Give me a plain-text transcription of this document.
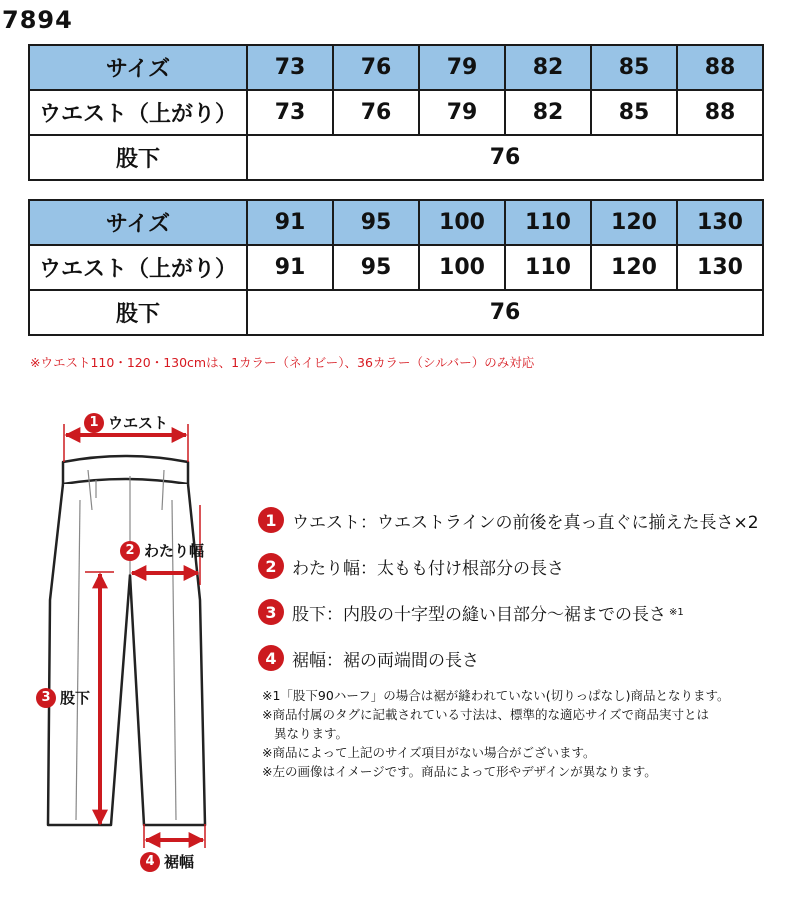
7894
サイズ	73	76	79	82	85	88
ウエスト（上がり）	73	76	79	82	85	88
股下	76					
サイズ	91	95	100	110	120	130
ウエスト（上がり）	91	95	100	110	120	130
股下	76					
※ウエスト110・120・130cmは、1カラー（ネイビー）、36カラー（シルバー）のみ対応
1 ウエスト
2 わたり幅
3 股下
4 裾幅
1 ウエスト ：ウエストラインの前後を真っ直ぐに揃えた長さ×2
2 わたり幅 ：太もも付け根部分の長さ
3 股下 ：内股の十字型の縫い目部分～裾までの長さ ※1
4 裾幅 ：裾の両端間の長さ
※1「股下90ハーフ」の場合は裾が縫われていない(切りっぱなし)商品となります。
※商品付属のタグに記載されている寸法は、標準的な適応サイズで商品実寸とは
異なります。
※商品によって上記のサイズ項目がない場合がございます。
※左の画像はイメージです。商品によって形やデザインが異なります。
